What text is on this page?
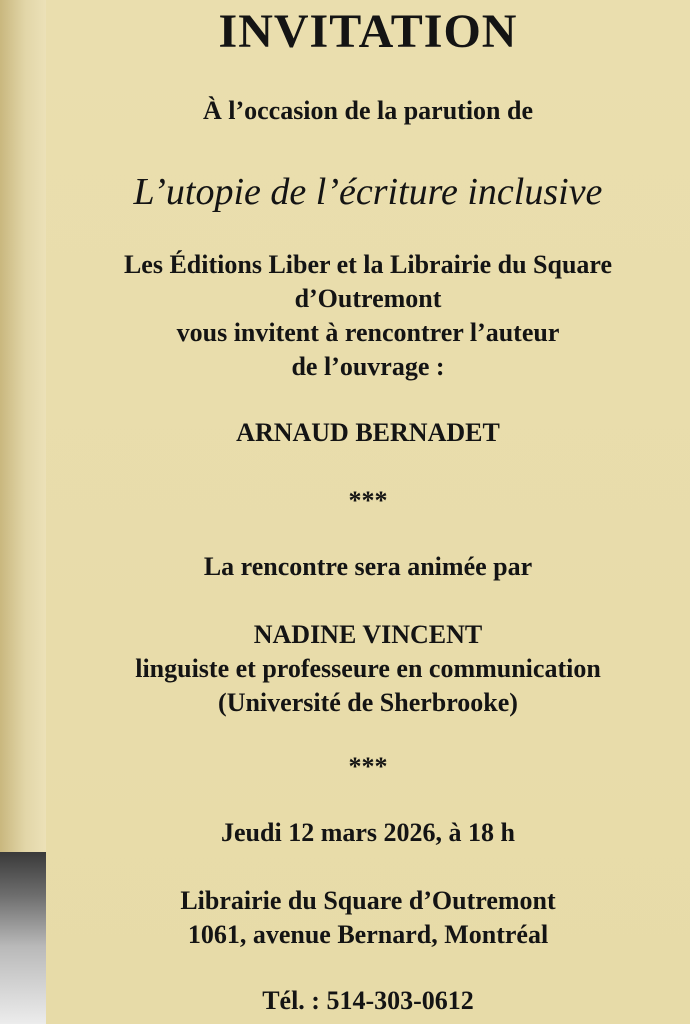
INVITATION
À l’occasion de la parution de
L’utopie de l’écriture inclusive
Les Éditions Liber et la Librairie du Square
d’Outremont
vous invitent à rencontrer l’auteur
de l’ouvrage :
ARNAUD BERNADET
***
La rencontre sera animée par
NADINE VINCENT
linguiste et professeure en communication
(Université de Sherbrooke)
***
Jeudi 12 mars 2026, à 18 h
Librairie du Square d’Outremont
1061, avenue Bernard, Montréal
Tél. : 514-303-0612
